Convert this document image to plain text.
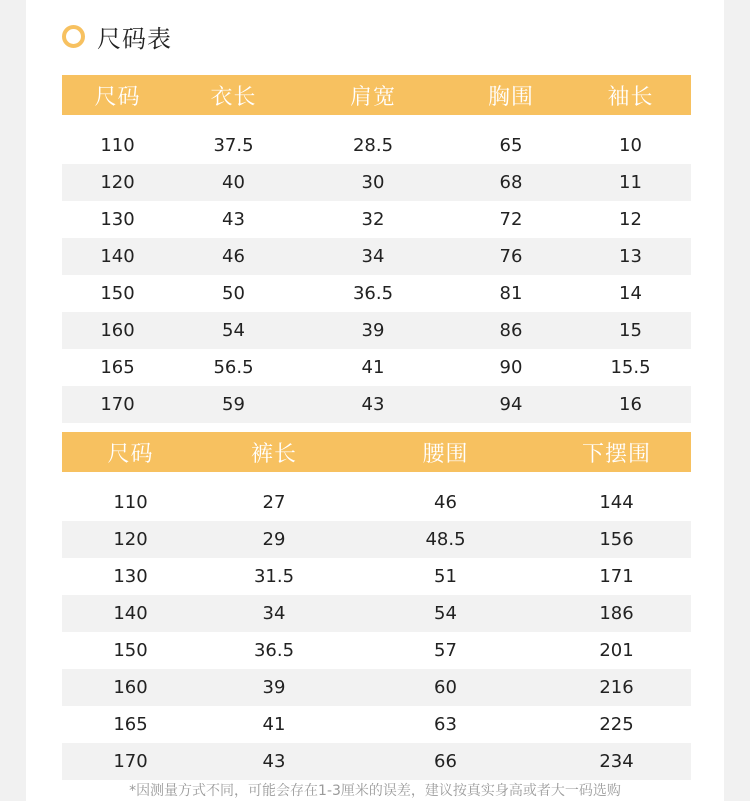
尺码表
尺码	衣长	肩宽	胸围	袖长
110	37.5	28.5	65	10
120	40	30	68	11
130	43	32	72	12
140	46	34	76	13
150	50	36.5	81	14
160	54	39	86	15
165	56.5	41	90	15.5
170	59	43	94	16
尺码	裤长	腰围	下摆围
110	27	46	144
120	29	48.5	156
130	31.5	51	171
140	34	54	186
150	36.5	57	201
160	39	60	216
165	41	63	225
170	43	66	234
*因测量方式不同，可能会存在1-3厘米的误差，建议按真实身高或者大一码选购
